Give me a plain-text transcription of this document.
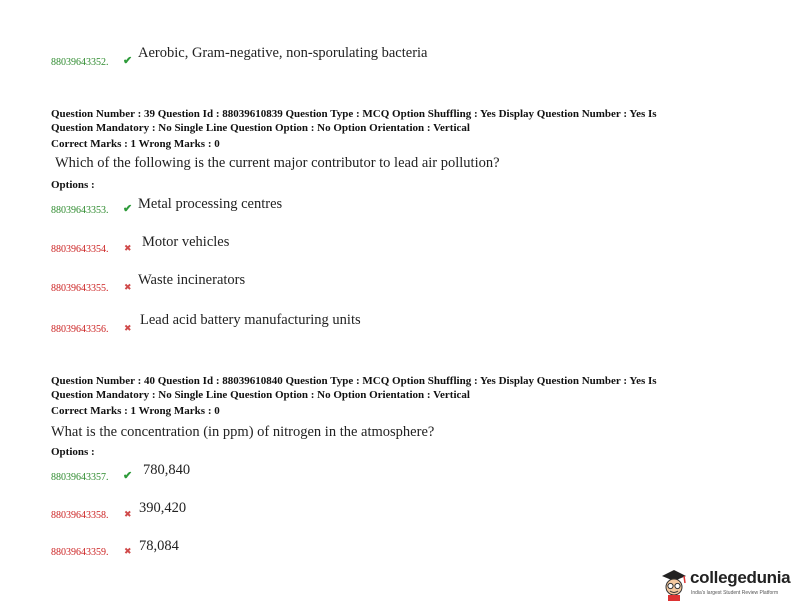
88039643352. ✔ Aerobic, Gram-negative, non-sporulating bacteria
Question Number : 39 Question Id : 88039610839 Question Type : MCQ Option Shuffling : Yes Display Question Number : Yes Is
Question Mandatory : No Single Line Question Option : No Option Orientation : Vertical
Correct Marks : 1 Wrong Marks : 0
Which of the following is the current major contributor to lead air pollution?
Options :
88039643353. ✔ Metal processing centres
88039643354. ✖ Motor vehicles
88039643355. ✖ Waste incinerators
88039643356. ✖
Lead acid battery manufacturing units
Question Number : 40 Question Id : 88039610840 Question Type : MCQ Option Shuffling : Yes Display Question Number : Yes Is
Question Mandatory : No Single Line Question Option : No Option Orientation : Vertical
Correct Marks : 1 Wrong Marks : 0
What is the concentration (in ppm) of nitrogen in the atmosphere?
Options :
88039643357. ✔ 780,840
88039643358. ✖ 390,420
88039643359. ✖ 78,084
collegedunia
India's largest Student Review Platform
